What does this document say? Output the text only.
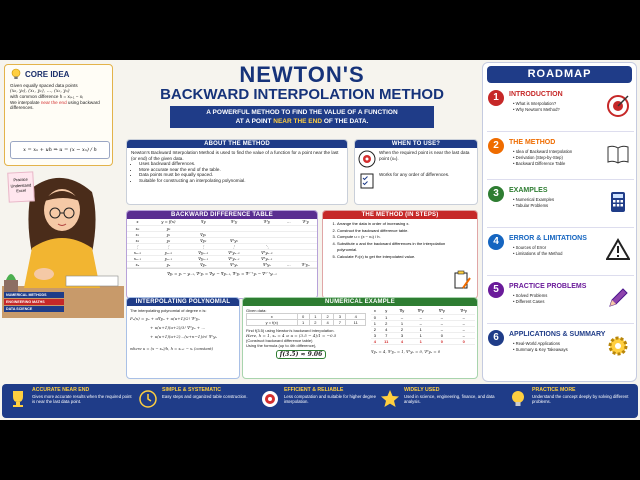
CORE IDEA
Given equally spaced data points
(x₀, y₀), (x₁, y₁), …, (xₙ, yₙ)
with common difference h = xᵢ₊₁ − xᵢ
We interpolate near the end using backward differences.
x = xₙ + uh ⇒ u = (x − xₙ) / h
Practice
Understand
Excel
NUMERICAL METHODS
ENGINEERING MATHS
DATA SCIENCE
NEWTON'S
BACKWARD INTERPOLATION METHOD
A POWERFUL METHOD TO FIND THE VALUE OF A FUNCTION
AT A POINT NEAR THE END OF THE DATA.
ABOUT THE METHOD
Newton's Backward Interpolation Method is used to find the value of a function for a point near the last (or end) of the given data.
• Uses backward differences.
• More accurate near the end of the table.
• Data points must be equally spaced.
• Suitable for constructing an interpolating polynomial.
WHEN TO USE?
When the required point is near the last data point (xₙ).
Works for any order of differences.
BACKWARD DIFFERENCE TABLE
x	y = f(x)	∇y	∇²y	∇³y	…	∇ⁿy
x₀	y₀					
x₁	y₁	∇y₁				
x₂	y₂	∇y₂	∇²y₂			
⋮	⋮	⋮	⋮	⋱		
xₙ₋₂	yₙ₋₂	∇yₙ₋₂	∇²yₙ₋₂	∇³yₙ₋₂		
xₙ₋₁	yₙ₋₁	∇yₙ₋₁	∇²yₙ₋₁	∇³yₙ₋₁		
xₙ	yₙ	∇yₙ	∇²yₙ	∇³yₙ	…	∇ⁿyₙ
∇yᵢ = yᵢ − yᵢ₋₁, ∇²yᵢ = ∇yᵢ − ∇yᵢ₋₁, ∇ⁿyᵢ = ∇ⁿ⁻¹yᵢ − ∇ⁿ⁻¹yᵢ₋₁
THE METHOD (IN STEPS)
1. Arrange the data in order of increasing x.
2. Construct the backward difference table.
3. Compute u = (x − xₙ) / h.
4. Substitute u and the backward differences in the interpolation polynomial.
5. Calculate Pₙ(x) to get the interpolated value.
INTERPOLATING POLYNOMIAL
The interpolating polynomial of degree n is:
Pₙ(x) = yₙ + u∇yₙ + u(u+1)/2! ∇²yₙ
+ u(u+1)(u+2)/3! ∇³yₙ + …
+ u(u+1)(u+2)…(u+n−1)/n! ∇ⁿyₙ
where u = (x − xₙ)/h, h = xᵢ₊₁ − xᵢ (constant)
NUMERICAL EXAMPLE
Given data:
x	0	1	2	3	4
y = f(x)	1	2	4	7	11
Find f(3.5) using Newton's backward interpolation.
Here, h = 1, xₙ = 4 ⇒ u = (3.5 − 4)/1 = −0.5
(Construct backward difference table)
Using the formula (up to 4th difference),
f(3.5) ≈ 9.06
x	y	∇y	∇²y	∇³y	∇⁴y
0	1	–	–	–	–
1	2	1	–	–	–
2	4	2	1	–	–
3	7	3	1	0	–
4	11	4	1	0	0
∇yₙ = 4, ∇²yₙ = 1, ∇³yₙ = 0, ∇⁴yₙ = 0
ROADMAP
1	INTRODUCTION
• What is Interpolation?
• Why Newton's Method?
2	THE METHOD
• Idea of Backward Interpolation
• Derivation (Step-by-Step)
• Backward Difference Table
3	EXAMPLES
• Numerical Examples
• Tabular Problems
4	ERROR & LIMITATIONS
• Sources of Error
• Limitations of the Method
5	PRACTICE PROBLEMS
• Solved Problems
• Different Cases
6	APPLICATIONS & SUMMARY
• Real-World Applications
• Summary & Key Takeaways
ACCURATE NEAR END
Gives more accurate results when the required point is near the last data point.
SIMPLE & SYSTEMATIC
Easy steps and organized table construction.
EFFICIENT & RELIABLE
Less computation and suitable for higher degree interpolation.
WIDELY USED
Used in science, engineering, finance, and data analysis.
PRACTICE MORE
Understand the concept deeply by solving different problems.
